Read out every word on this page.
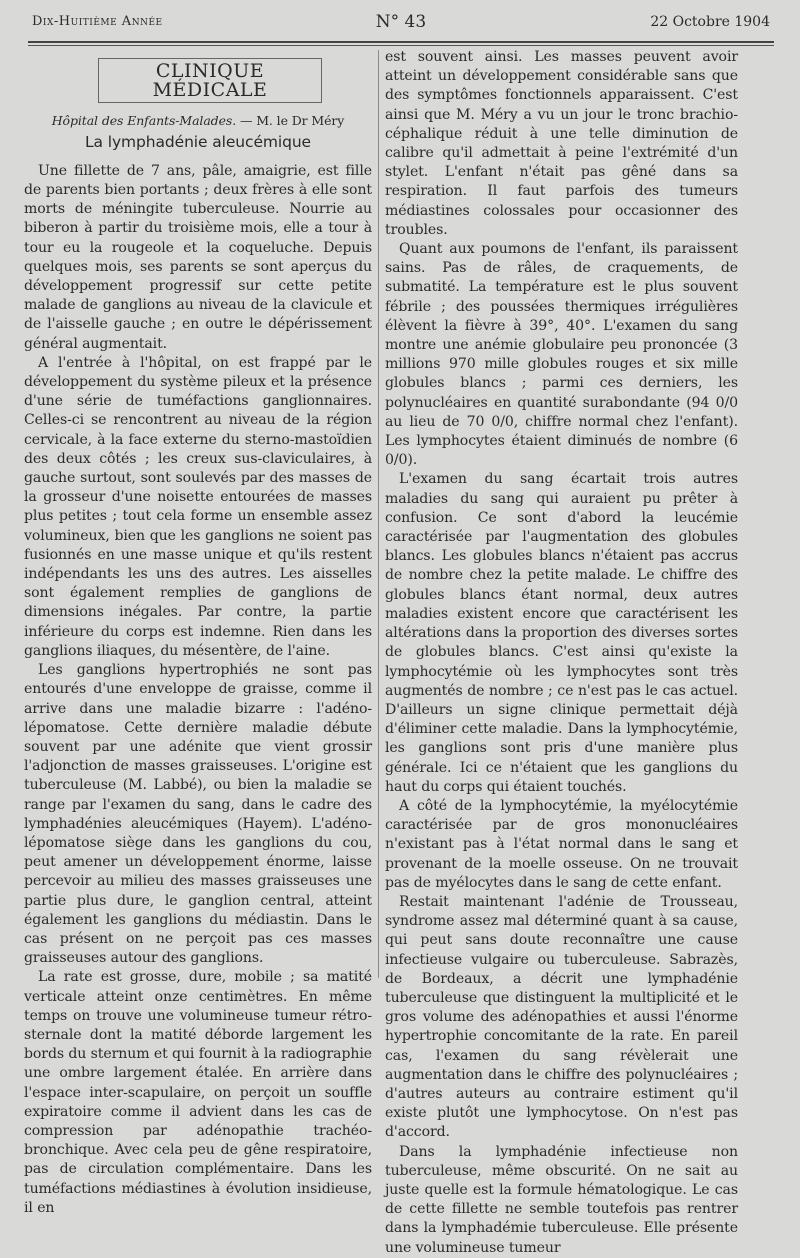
Dix-Huitième Année	N° 43	22 Octobre 1904
CLINIQUE MÉDICALE

Hôpital des Enfants-Malades. — M. le Dr Méry

La lymphadénie aleucémique

Une fillette de 7 ans, pâle, amaigrie, est fille de parents bien portants ; deux frères à elle sont morts de méningite tuberculeuse. Nourrie au biberon à partir du troisième mois, elle a tour à tour eu la rougeole et la coqueluche. Depuis quelques mois, ses parents se sont aperçus du développement progressif sur cette petite malade de ganglions au niveau de la clavicule et de l'aisselle gauche ; en outre le dépérissement général augmentait.

A l'entrée à l'hôpital, on est frappé par le développement du système pileux et la présence d'une série de tuméfactions ganglionnaires. Celles-ci se rencontrent au niveau de la région cervicale, à la face externe du sterno-mastoïdien des deux côtés ; les creux sus-claviculaires, à gauche surtout, sont soulevés par des masses de la grosseur d'une noisette entourées de masses plus petites ; tout cela forme un ensemble assez volumineux, bien que les ganglions ne soient pas fusionnés en une masse unique et qu'ils restent indépendants les uns des autres. Les aisselles sont également remplies de ganglions de dimensions inégales. Par contre, la partie inférieure du corps est indemne. Rien dans les ganglions iliaques, du mésentère, de l'aine.

Les ganglions hypertrophiés ne sont pas entourés d'une enveloppe de graisse, comme il arrive dans une maladie bizarre : l'adéno-lépomatose. Cette dernière maladie débute souvent par une adénite que vient grossir l'adjonction de masses graisseuses. L'origine est tuberculeuse (M. Labbé), ou bien la maladie se range par l'examen du sang, dans le cadre des lymphadénies aleucémiques (Hayem). L'adéno-lépomatose siège dans les ganglions du cou, peut amener un développement énorme, laisse percevoir au milieu des masses graisseuses une partie plus dure, le ganglion central, atteint également les ganglions du médiastin. Dans le cas présent on ne perçoit pas ces masses graisseuses autour des ganglions.

La rate est grosse, dure, mobile ; sa matité verticale atteint onze centimètres. En même temps on trouve une volumineuse tumeur rétro-sternale dont la matité déborde largement les bords du sternum et qui fournit à la radiographie une ombre largement étalée. En arrière dans l'espace inter-scapulaire, on perçoit un souffle expiratoire comme il advient dans les cas de compression par adénopathie trachéo-bronchique. Avec cela peu de gêne respiratoire, pas de circulation complémentaire. Dans les tuméfactions médiastines à évolution insidieuse, il en

est souvent ainsi. Les masses peuvent avoir atteint un développement considérable sans que des symptômes fonctionnels apparaissent. C'est ainsi que M. Méry a vu un jour le tronc brachio-céphalique réduit à une telle diminution de calibre qu'il admettait à peine l'extrémité d'un stylet. L'enfant n'était pas gêné dans sa respiration. Il faut parfois des tumeurs médiastines colossales pour occasionner des troubles.

Quant aux poumons de l'enfant, ils paraissent sains. Pas de râles, de craquements, de submatité. La température est le plus souvent fébrile ; des poussées thermiques irrégulières élèvent la fièvre à 39°, 40°. L'examen du sang montre une anémie globulaire peu prononcée (3 millions 970 mille globules rouges et six mille globules blancs ; parmi ces derniers, les polynucléaires en quantité surabondante (94 0/0 au lieu de 70 0/0, chiffre normal chez l'enfant). Les lymphocytes étaient diminués de nombre (6 0/0).

L'examen du sang écartait trois autres maladies du sang qui auraient pu prêter à confusion. Ce sont d'abord la leucémie caractérisée par l'augmentation des globules blancs. Les globules blancs n'étaient pas accrus de nombre chez la petite malade. Le chiffre des globules blancs étant normal, deux autres maladies existent encore que caractérisent les altérations dans la proportion des diverses sortes de globules blancs. C'est ainsi qu'existe la lymphocytémie où les lymphocytes sont très augmentés de nombre ; ce n'est pas le cas actuel. D'ailleurs un signe clinique permettait déjà d'éliminer cette maladie. Dans la lymphocytémie, les ganglions sont pris d'une manière plus générale. Ici ce n'étaient que les ganglions du haut du corps qui étaient touchés.

A côté de la lymphocytémie, la myélocytémie caractérisée par de gros mononucléaires n'existant pas à l'état normal dans le sang et provenant de la moelle osseuse. On ne trouvait pas de myélocytes dans le sang de cette enfant.

Restait maintenant l'adénie de Trousseau, syndrome assez mal déterminé quant à sa cause, qui peut sans doute reconnaître une cause infectieuse vulgaire ou tuberculeuse. Sabrazès, de Bordeaux, a décrit une lymphadénie tuberculeuse que distinguent la multiplicité et le gros volume des adénopathies et aussi l'énorme hypertrophie concomitante de la rate. En pareil cas, l'examen du sang révèlerait une augmentation dans le chiffre des polynucléaires ; d'autres auteurs au contraire estiment qu'il existe plutôt une lymphocytose. On n'est pas d'accord.

Dans la lymphadénie infectieuse non tuberculeuse, même obscurité. On ne sait au juste quelle est la formule hématologique. Le cas de cette fillette ne semble toutefois pas rentrer dans la lymphadémie tuberculeuse. Elle présente une volumineuse tumeur
